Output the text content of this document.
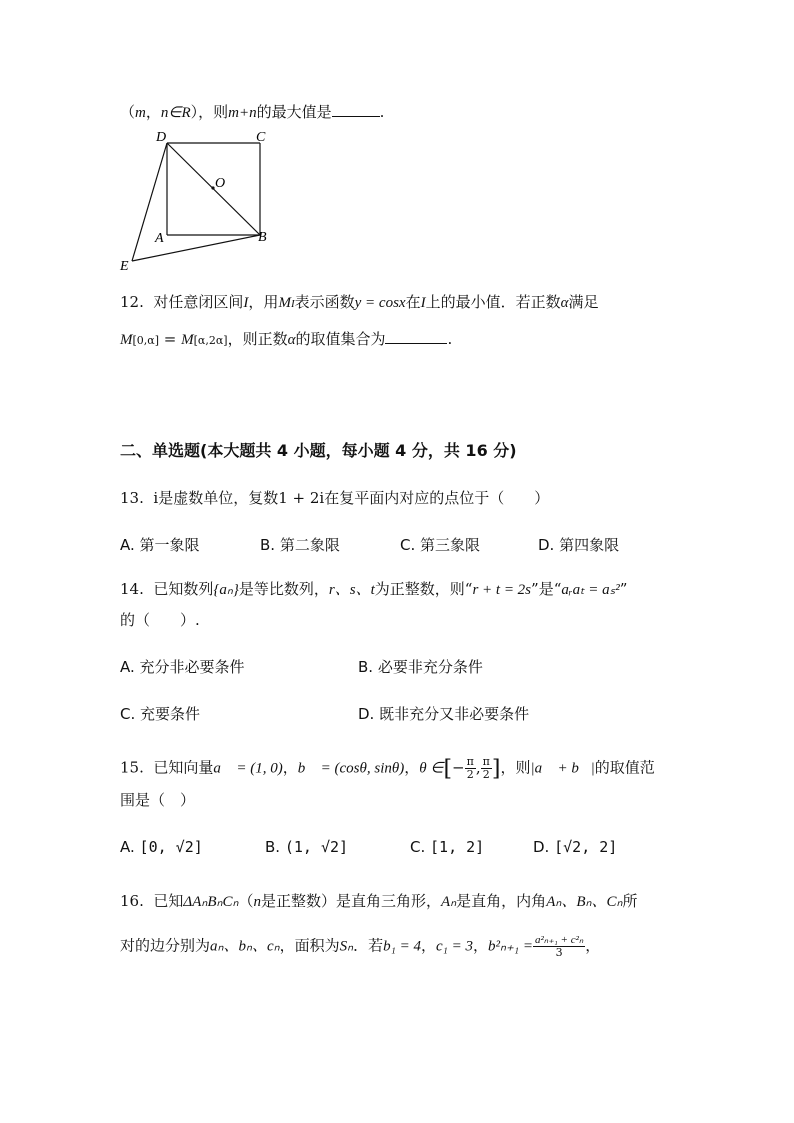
（m，n∈R），则m+n的最大值是	.
D	C
O
A	B
E
12. 对任意闭区间I，用MI表示函数y = cosx在I上的最小值．若正数α满足
M[0,α] = M[α,2α]，则正数α的取值集合为	.
二、单选题(本大题共 4 小题，每小题 4 分，共 16 分)
13. i是虚数单位，复数1 + 2i在复平面内对应的点位于（　　）
A. 第一象限	B. 第二象限	C. 第三象限	D. 第四象限
14. 已知数列{aₙ}是等比数列，r、s、t为正整数，则“r + t = 2s”是“aᵣaₜ = aₛ²”
的（　　）.
A. 充分非必要条件	B. 必要非充分条件
C. 充要条件	D. 既非充分又非必要条件
15. 已知向量a⃗ = (1, 0)，b⃗ = (cosθ, sinθ)，θ ∈[− $\frac{\pi}{2}$ , $\frac{\pi}{2}$ ]，则|a⃗ + b⃗|的取值范
围是（　）
A. [0, √2]	B. (1, √2]	C. [1, 2]	D. [√2, 2]
16. 已知ΔAₙBₙCₙ（n是正整数）是直角三角形，Aₙ是直角，内角Aₙ、Bₙ、Cₙ所
对的边分别为aₙ、bₙ、cₙ，面积为Sₙ．若b₁ = 4，c₁ = 3，$b^2_{n+1} = \frac{\text{a²ₙ₊₁ + c²ₙ}}{3}$ ，
